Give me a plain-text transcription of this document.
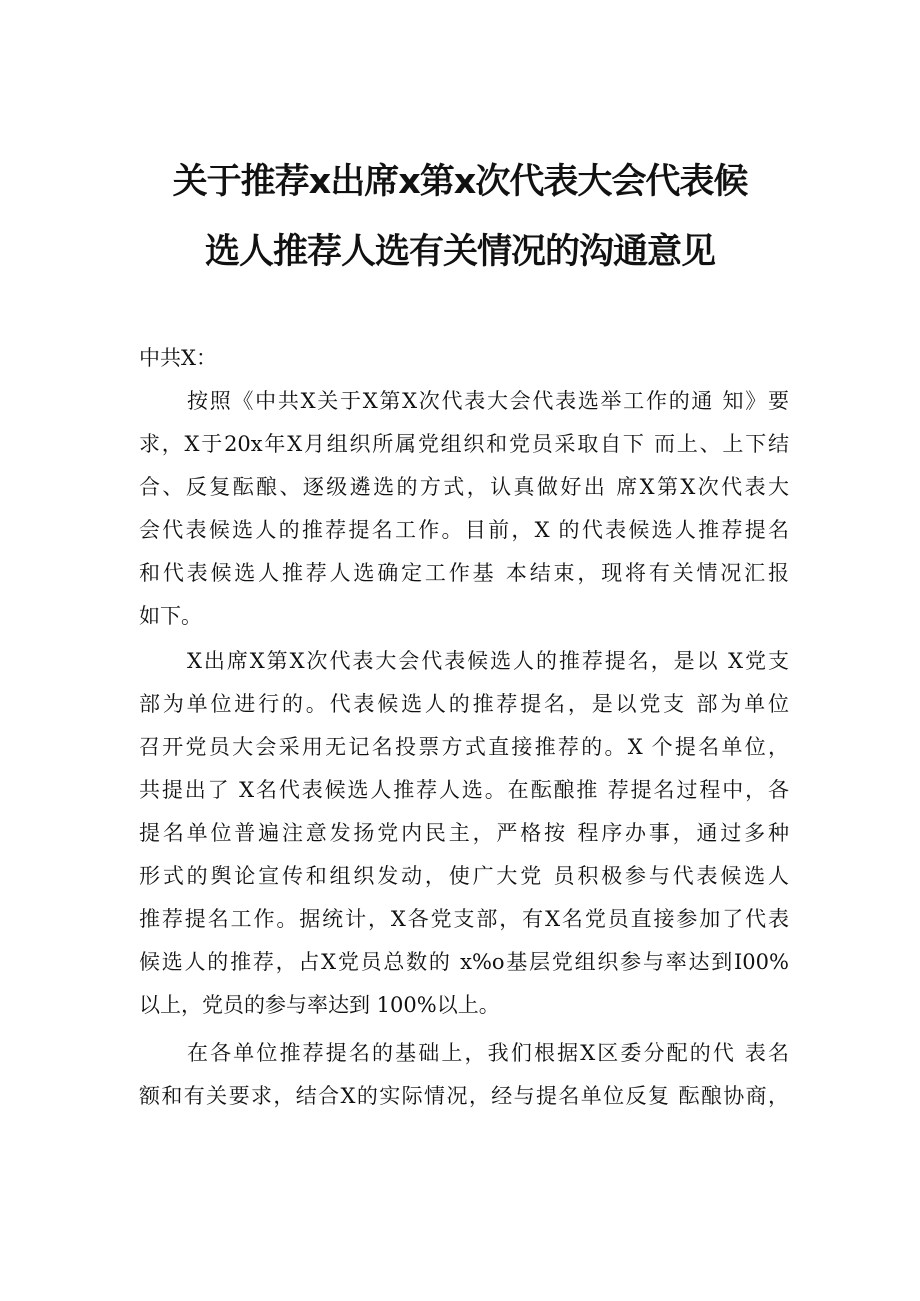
关于推荐x出席x第x次代表大会代表候
选人推荐人选有关情况的沟通意见
中共X：
按照《中共X关于X第X次代表大会代表选举工作的通 知》要
求，X于20x年X月组织所属党组织和党员采取自下 而上、上下结
合、反复酝酿、逐级遴选的方式，认真做好出 席X第X次代表大
会代表候选人的推荐提名工作。目前，X 的代表候选人推荐提名
和代表候选人推荐人选确定工作基 本结束，现将有关情况汇报
如下。
X出席X第X次代表大会代表候选人的推荐提名，是以 X党支
部为单位进行的。代表候选人的推荐提名，是以党支 部为单位
召开党员大会采用无记名投票方式直接推荐的。X 个提名单位，
共提出了 X名代表候选人推荐人选。在酝酿推 荐提名过程中，各
提名单位普遍注意发扬党内民主，严格按 程序办事，通过多种
形式的舆论宣传和组织发动，使广大党 员积极参与代表候选人
推荐提名工作。据统计，X各党支部，有X名党员直接参加了代表
候选人的推荐，占X党员总数的 x%o基层党组织参与率达到I00%
以上，党员的参与率达到 100%以上。
在各单位推荐提名的基础上，我们根据X区委分配的代 表名
额和有关要求，结合X的实际情况，经与提名单位反复 酝酿协商，
